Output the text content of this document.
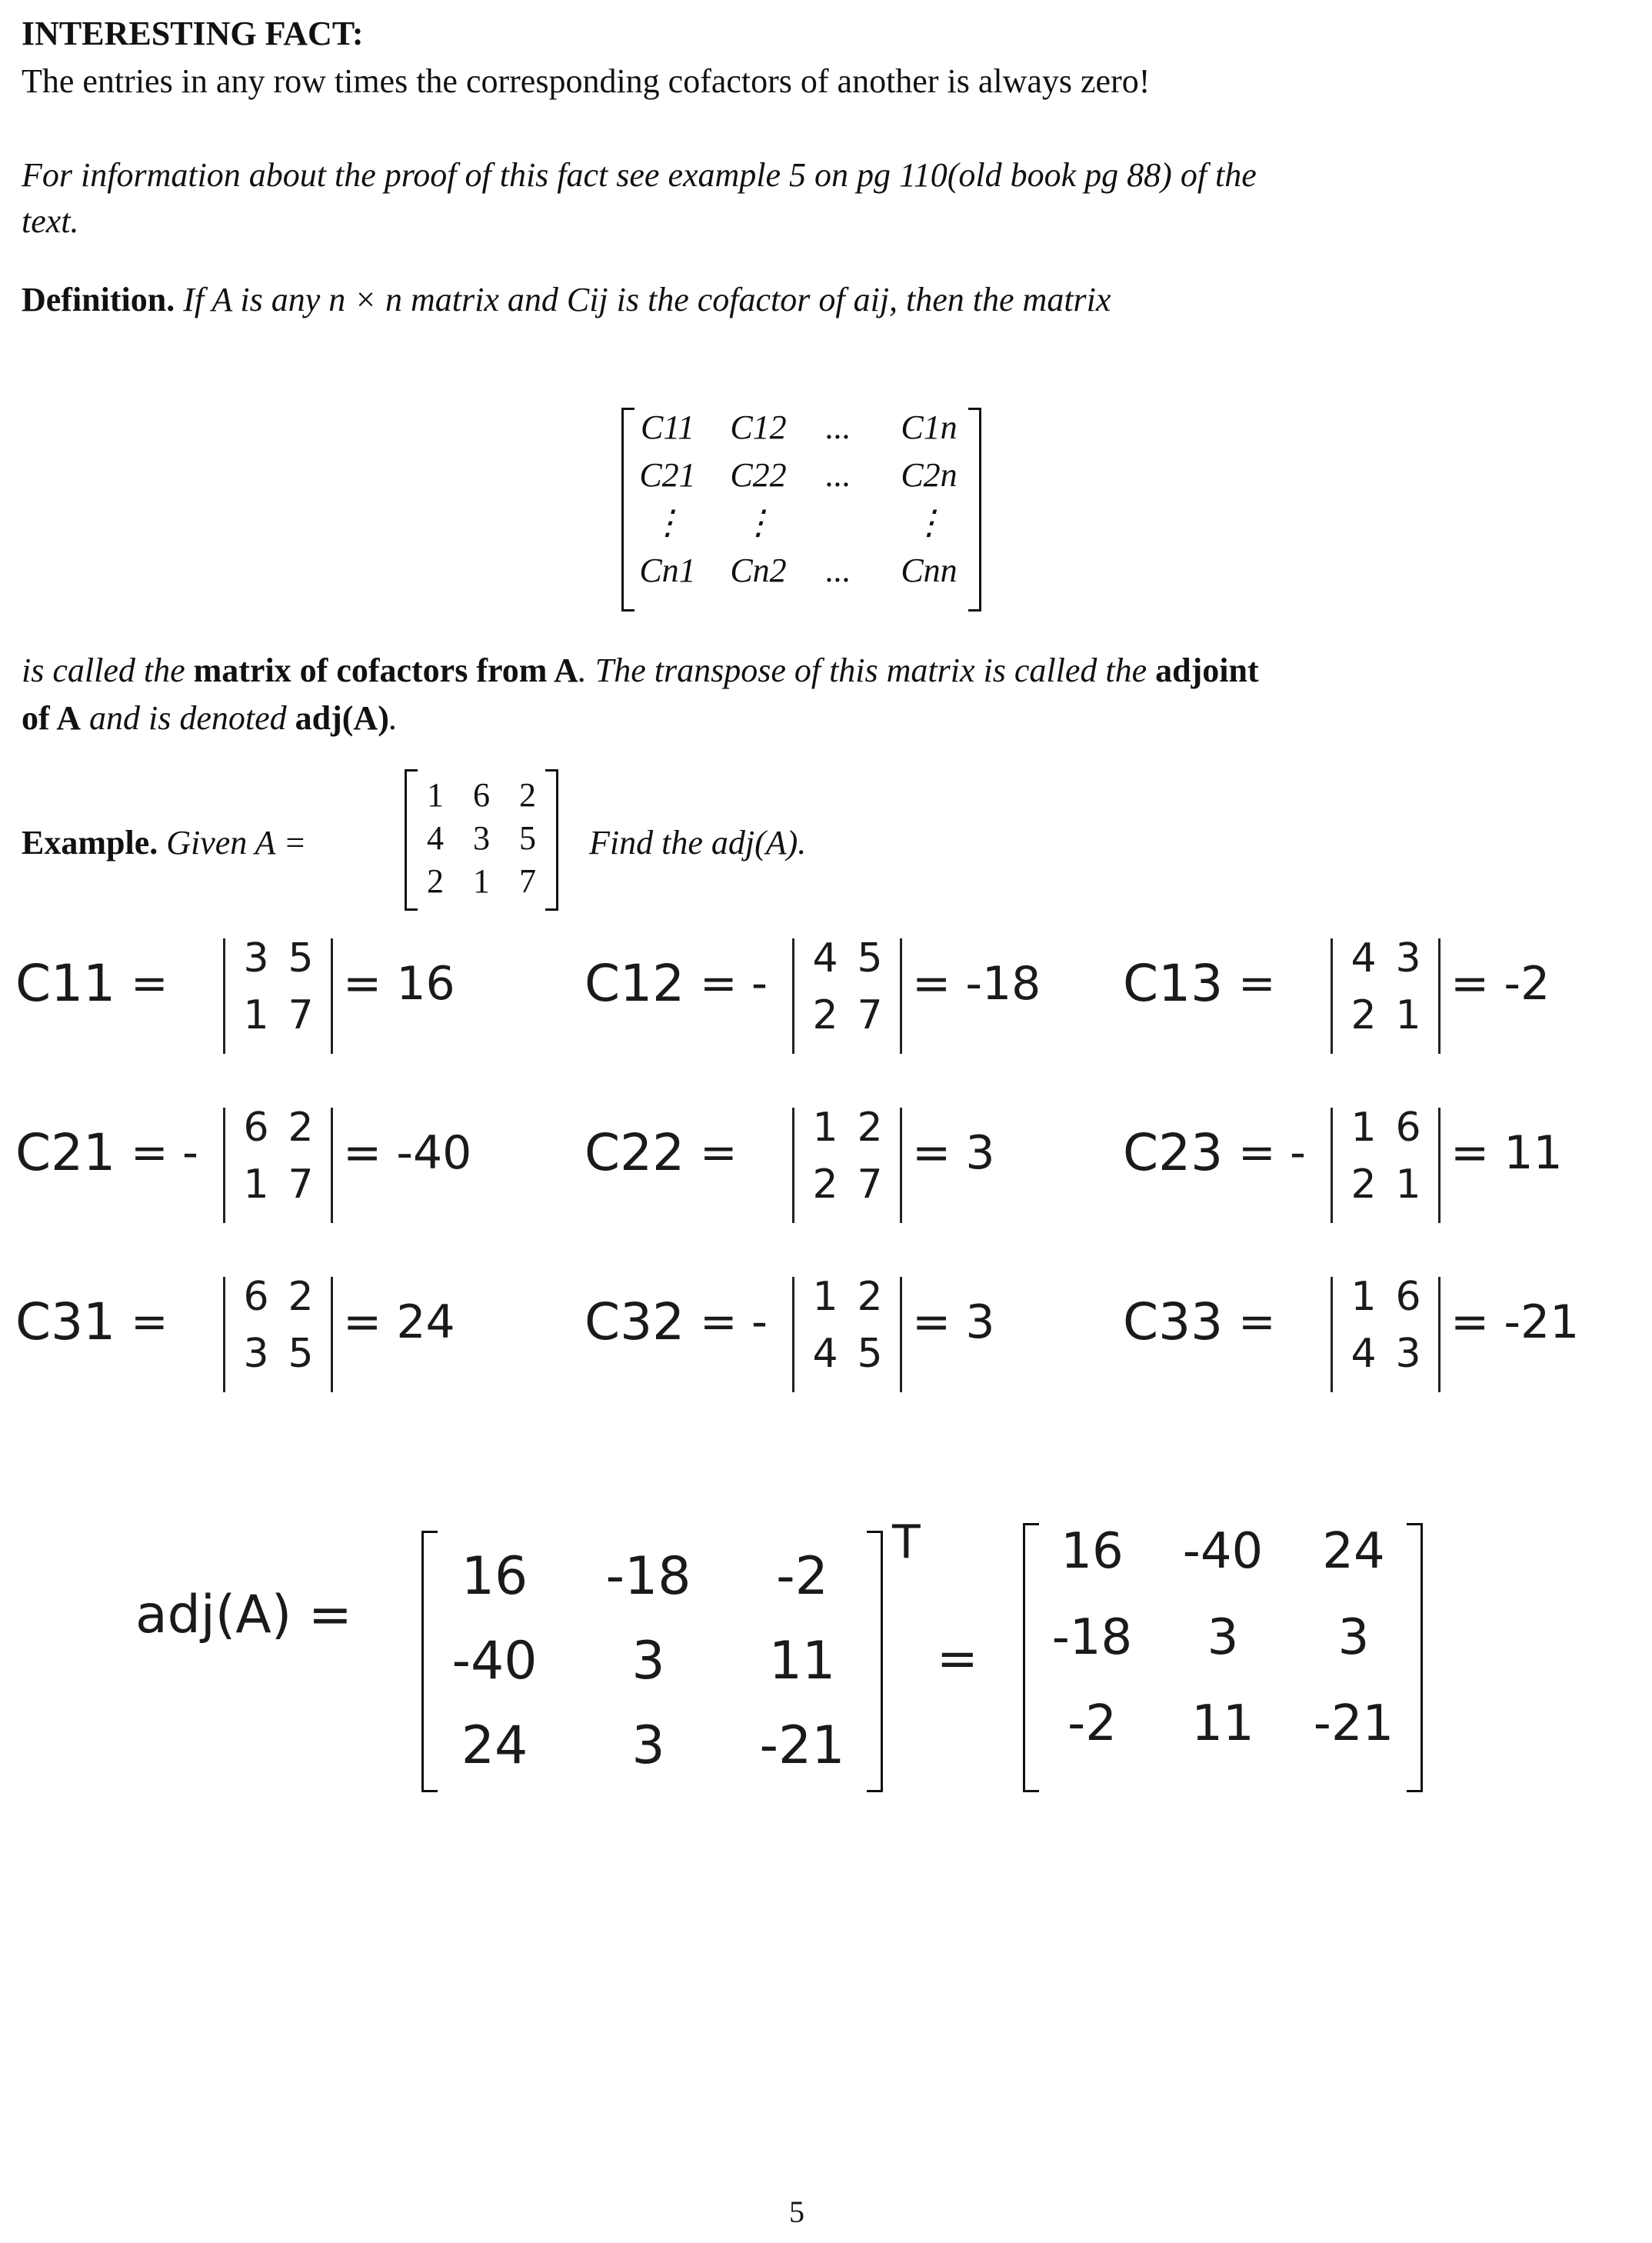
INTERESTING FACT:
The entries in any row times the corresponding cofactors of another is always zero!
For information about the proof of this fact see example 5 on pg 110(old book pg 88) of the
text.
Definition. If A is any n × n matrix and Cij is the cofactor of aij, then the matrix
C11	C12	...	C1n
C21	C22	...	C2n
⋮	⋮	⋮
Cn1	Cn2	...	Cnn
is called the matrix of cofactors from A. The transpose of this matrix is called the adjoint
of A and is denoted adj(A).
Example. Given A =
1 6 2
4 3 5
2 1 7
Find the adj(A).
C11 = 3 5
1 7
= 16	C12 = - 4 5
2 7
= -18 C13 = 4 3
2 1
= -2
C21 = - 6 2
1 7
= -40 C22 = 1 2
2 7
= 3	C23 = - 1 6
2 1
= 11
C31 = 6 2
3 5
= 24	C32 = - 1 2
4 5
= 3	C33 = 1 6
4 3
= -21
adj(A) =
16	-18	-2
-40	3	11
24	3	-21
T
=
16	-40	24
-18	3	3
-2	11	-21
5
